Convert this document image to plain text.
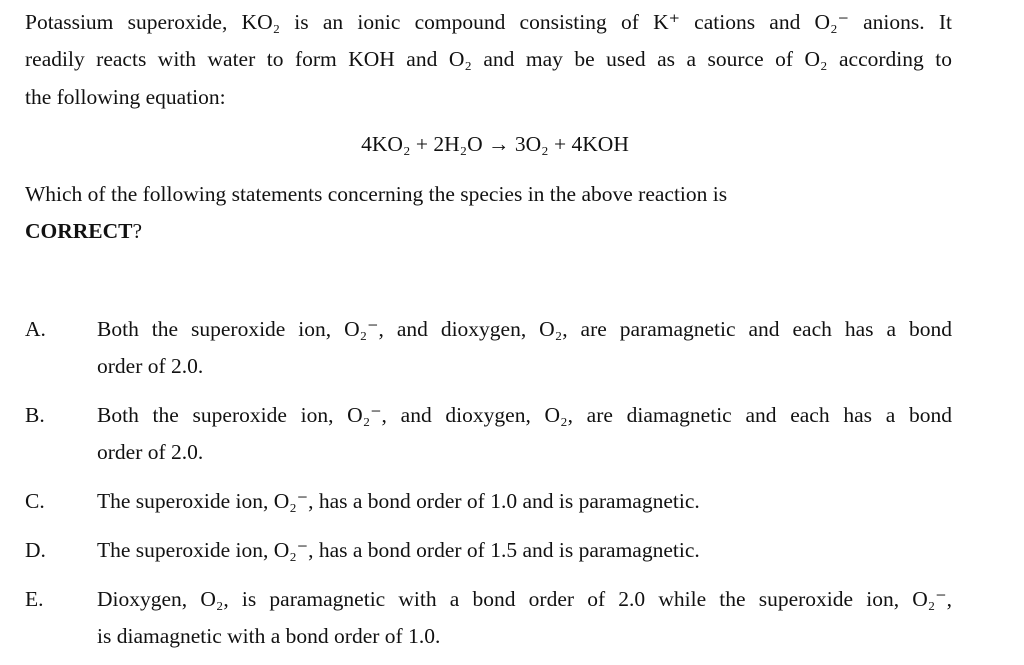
Potassium superoxide, KO₂ is an ionic compound consisting of K⁺ cations and O₂⁻ anions. It
readily reacts with water to form KOH and O₂ and may be used as a source of O₂ according to
the following equation:
4KO₂ + 2H₂O → 3O₂ + 4KOH
Which of the following statements concerning the species in the above reaction is
CORRECT?
A. Both the superoxide ion, O₂⁻, and dioxygen, O₂, are paramagnetic and each has a bond
order of 2.0.
B. Both the superoxide ion, O₂⁻, and dioxygen, O₂, are diamagnetic and each has a bond
order of 2.0.
C. The superoxide ion, O₂⁻, has a bond order of 1.0 and is paramagnetic.
D. The superoxide ion, O₂⁻, has a bond order of 1.5 and is paramagnetic.
E. Dioxygen, O₂, is paramagnetic with a bond order of 2.0 while the superoxide ion, O₂⁻,
is diamagnetic with a bond order of 1.0.
